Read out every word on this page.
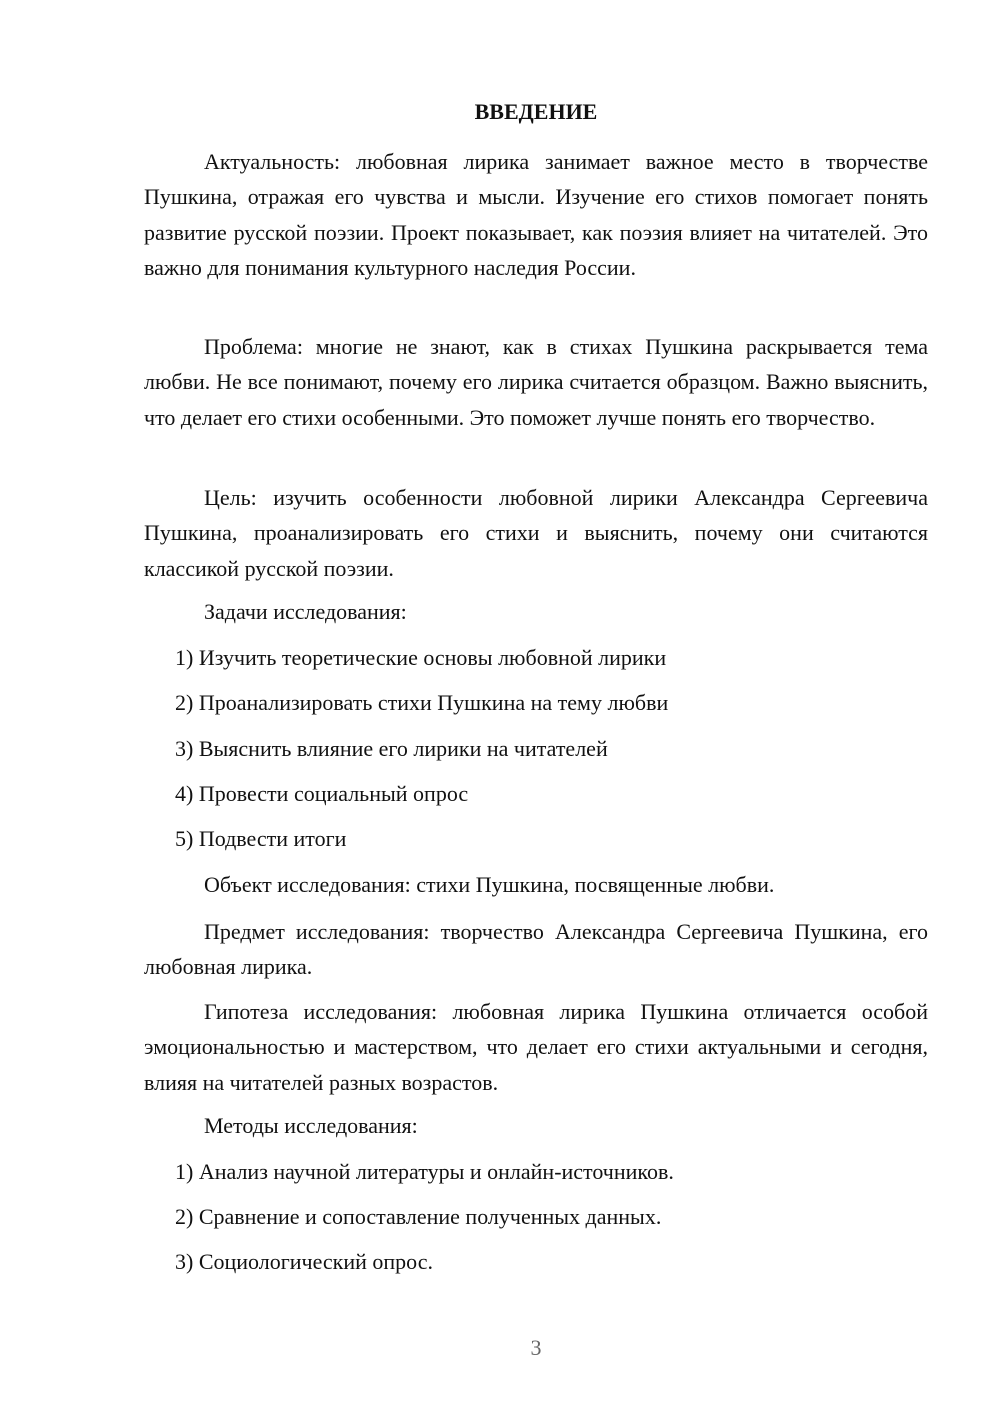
ВВЕДЕНИЕ

Актуальность: любовная лирика занимает важное место в творчестве Пушкина, отражая его чувства и мысли. Изучение его стихов помогает понять развитие русской поэзии. Проект показывает, как поэзия влияет на читателей. Это важно для понимания культурного наследия России.

Проблема: многие не знают, как в стихах Пушкина раскрывается тема любви. Не все понимают, почему его лирика считается образцом. Важно выяснить, что делает его стихи особенными. Это поможет лучше понять его творчество.

Цель: изучить особенности любовной лирики Александра Сергеевича Пушкина, проанализировать его стихи и выяснить, почему они считаются классикой русской поэзии.

Задачи исследования:

1) Изучить теоретические основы любовной лирики

2) Проанализировать стихи Пушкина на тему любви

3) Выяснить влияние его лирики на читателей

4) Провести социальный опрос

5) Подвести итоги

Объект исследования: стихи Пушкина, посвященные любви.

Предмет исследования: творчество Александра Сергеевича Пушкина, его любовная лирика.

Гипотеза исследования: любовная лирика Пушкина отличается особой эмоциональностью и мастерством, что делает его стихи актуальными и сегодня, влияя на читателей разных возрастов.

Методы исследования:

1) Анализ научной литературы и онлайн-источников.

2) Сравнение и сопоставление полученных данных.

3) Социологический опрос.

3
